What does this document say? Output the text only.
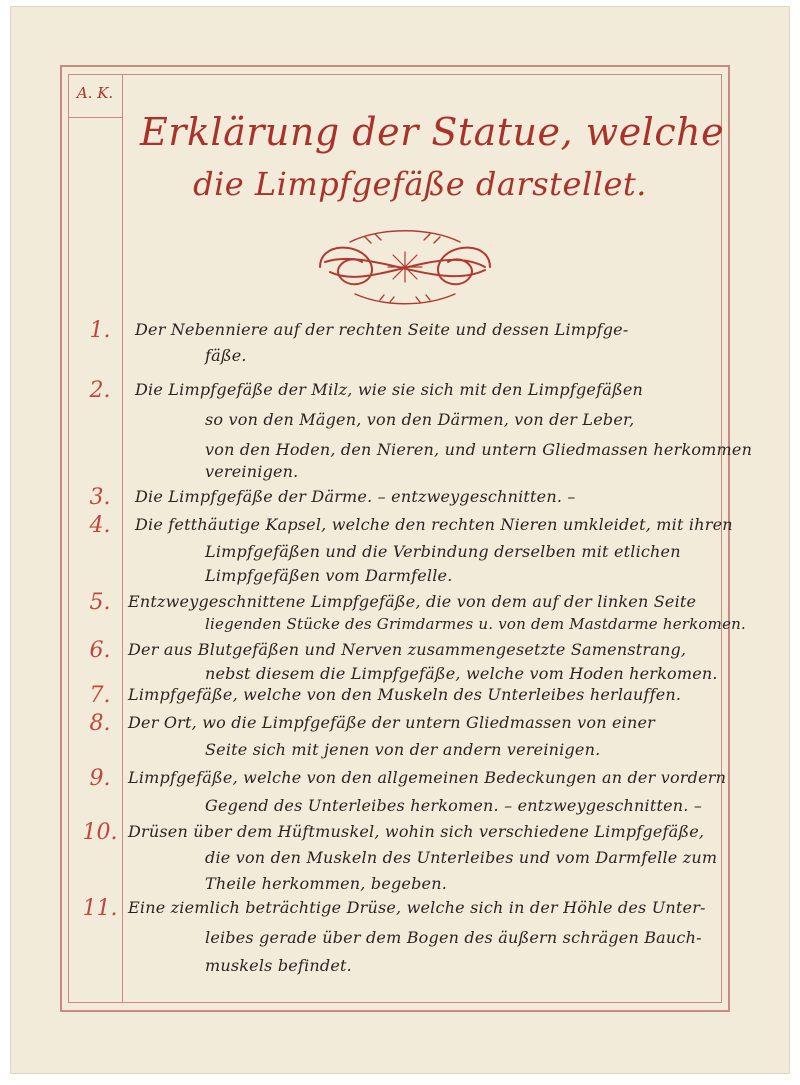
A. K.
Erklärung der Statue, welche
die Limpfgefäße darstellet.
1.	Der Nebenniere auf der rechten Seite und dessen Limpfge-
fäße.
2.	Die Limpfgefäße der Milz, wie sie sich mit den Limpfgefäßen
so von den Mägen, von den Därmen, von der Leber,
von den Hoden, den Nieren, und untern Gliedmassen herkommen
vereinigen.
3.	Die Limpfgefäße der Därme. – entzweygeschnitten. –
4.	Die fetthäutige Kapsel, welche den rechten Nieren umkleidet, mit ihren
Limpfgefäßen und die Verbindung derselben mit etlichen
Limpfgefäßen vom Darmfelle.
5.	Entzweygeschnittene Limpfgefäße, die von dem auf der linken Seite
liegenden Stücke des Grimdarmes u. von dem Mastdarme herkomen.
6.	Der aus Blutgefäßen und Nerven zusammengesetzte Samenstrang,
nebst diesem die Limpfgefäße, welche vom Hoden herkomen.
7.	Limpfgefäße, welche von den Muskeln des Unterleibes herlauffen.
8.	Der Ort, wo die Limpfgefäße der untern Gliedmassen von einer
Seite sich mit jenen von der andern vereinigen.
9.	Limpfgefäße, welche von den allgemeinen Bedeckungen an der vordern
Gegend des Unterleibes herkomen. – entzweygeschnitten. –
10. Drüsen über dem Hüftmuskel, wohin sich verschiedene Limpfgefäße,
die von den Muskeln des Unterleibes und vom Darmfelle zum
Theile herkommen, begeben.
11. Eine ziemlich beträchtige Drüse, welche sich in der Höhle des Unter-
leibes gerade über dem Bogen des äußern schrägen Bauch-
muskels befindet.
